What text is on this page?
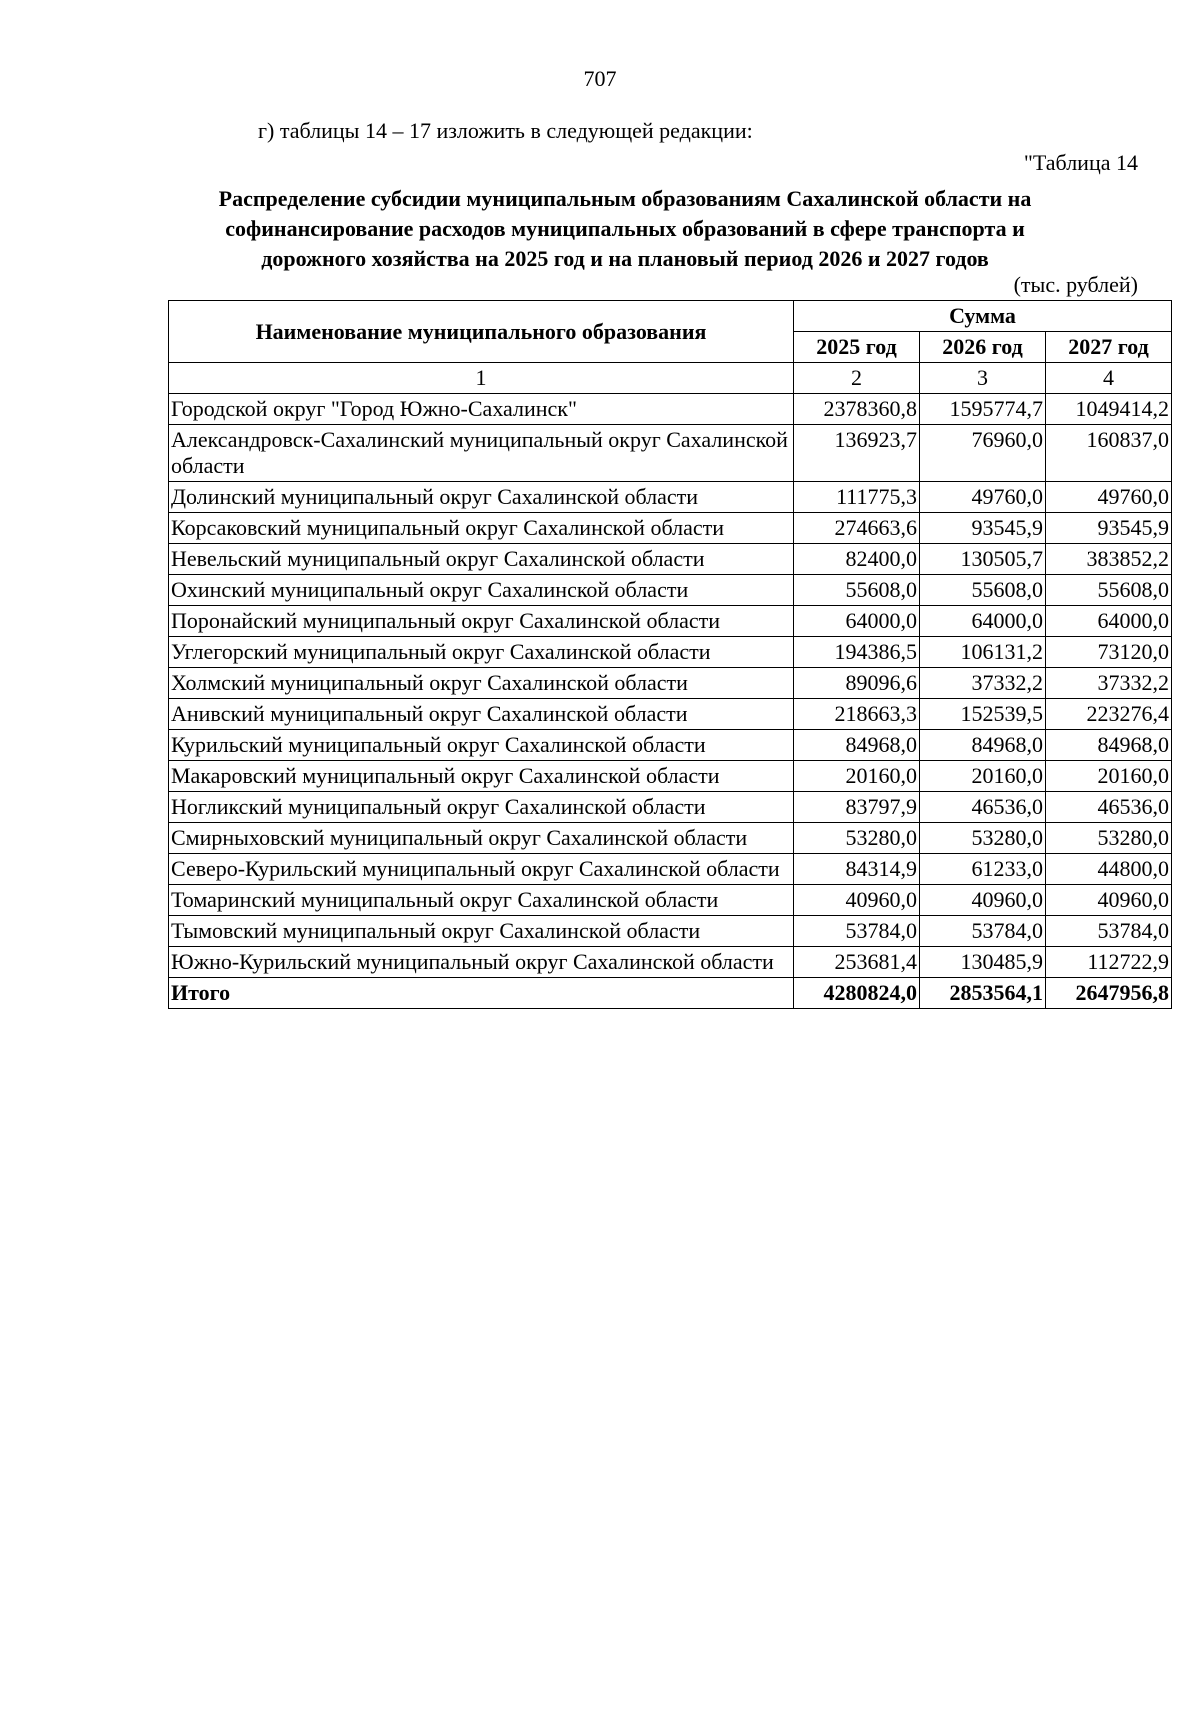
707
г) таблицы 14 – 17 изложить в следующей редакции:
"Таблица 14
Распределение субсидии муниципальным образованиям Сахалинской области на софинансирование расходов муниципальных образований в сфере транспорта и дорожного хозяйства на 2025 год и на плановый период 2026 и 2027 годов
(тыс. рублей)
Наименование муниципального образования	Сумма		
	2025 год	2026 год	2027 год
1	2	3	4
Городской округ "Город Южно-Сахалинск"	2378360,8	1595774,7	1049414,2
Александровск-Сахалинский муниципальный округ Сахалинской области	136923,7	76960,0	160837,0
Долинский муниципальный округ Сахалинской области	111775,3	49760,0	49760,0
Корсаковский муниципальный округ Сахалинской области	274663,6	93545,9	93545,9
Невельский муниципальный округ Сахалинской области	82400,0	130505,7	383852,2
Охинский муниципальный округ Сахалинской области	55608,0	55608,0	55608,0
Поронайский муниципальный округ Сахалинской области	64000,0	64000,0	64000,0
Углегорский муниципальный округ Сахалинской области	194386,5	106131,2	73120,0
Холмский муниципальный округ Сахалинской области	89096,6	37332,2	37332,2
Анивский муниципальный округ Сахалинской области	218663,3	152539,5	223276,4
Курильский муниципальный округ Сахалинской области	84968,0	84968,0	84968,0
Макаровский муниципальный округ Сахалинской области	20160,0	20160,0	20160,0
Ногликский муниципальный округ Сахалинской области	83797,9	46536,0	46536,0
Смирныховский муниципальный округ Сахалинской области	53280,0	53280,0	53280,0
Северо-Курильский муниципальный округ Сахалинской области	84314,9	61233,0	44800,0
Томаринский муниципальный округ Сахалинской области	40960,0	40960,0	40960,0
Тымовский муниципальный округ Сахалинской области	53784,0	53784,0	53784,0
Южно-Курильский муниципальный округ Сахалинской области	253681,4	130485,9	112722,9
Итого	4280824,0	2853564,1	2647956,8
